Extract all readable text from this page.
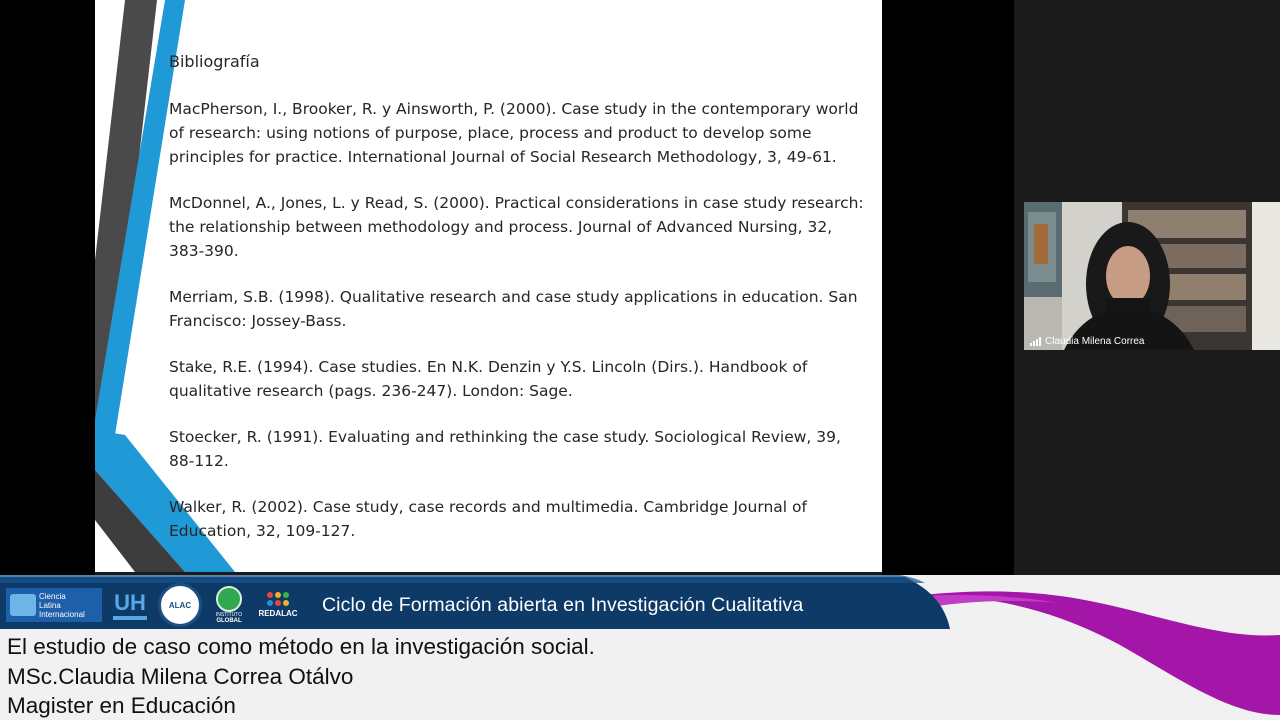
Bibliografía

MacPherson, I., Brooker, R. y Ainsworth, P. (2000). Case study in the contemporary world of research: using notions of purpose, place, process and product to develop some principles for practice. International Journal of Social Research Methodology, 3, 49-61.

McDonnel, A., Jones, L. y Read, S. (2000). Practical considerations in case study research: the relationship between methodology and process. Journal of Advanced Nursing, 32, 383-390.

Merriam, S.B. (1998). Qualitative research and case study applications in education. San Francisco: Jossey-Bass.

Stake, R.E. (1994). Case studies. En N.K. Denzin y Y.S. Lincoln (Dirs.). Handbook of qualitative research (pags. 236-247). London: Sage.

Stoecker, R. (1991). Evaluating and rethinking the case study. Sociological Review, 39, 88-112.

Walker, R. (2002). Case study, case records and multimedia. Cambridge Journal of Education, 32, 109-127.

Claudia Milena Correa
Ciencia
Latina
Internacional UH	ALAC
INSTITUTO
GLOBAL
REDALAC Ciclo de Formación abierta en Investigación Cualitativa
El estudio de caso como método en la investigación social.
MSc.Claudia Milena Correa Otálvo
Magister en Educación
